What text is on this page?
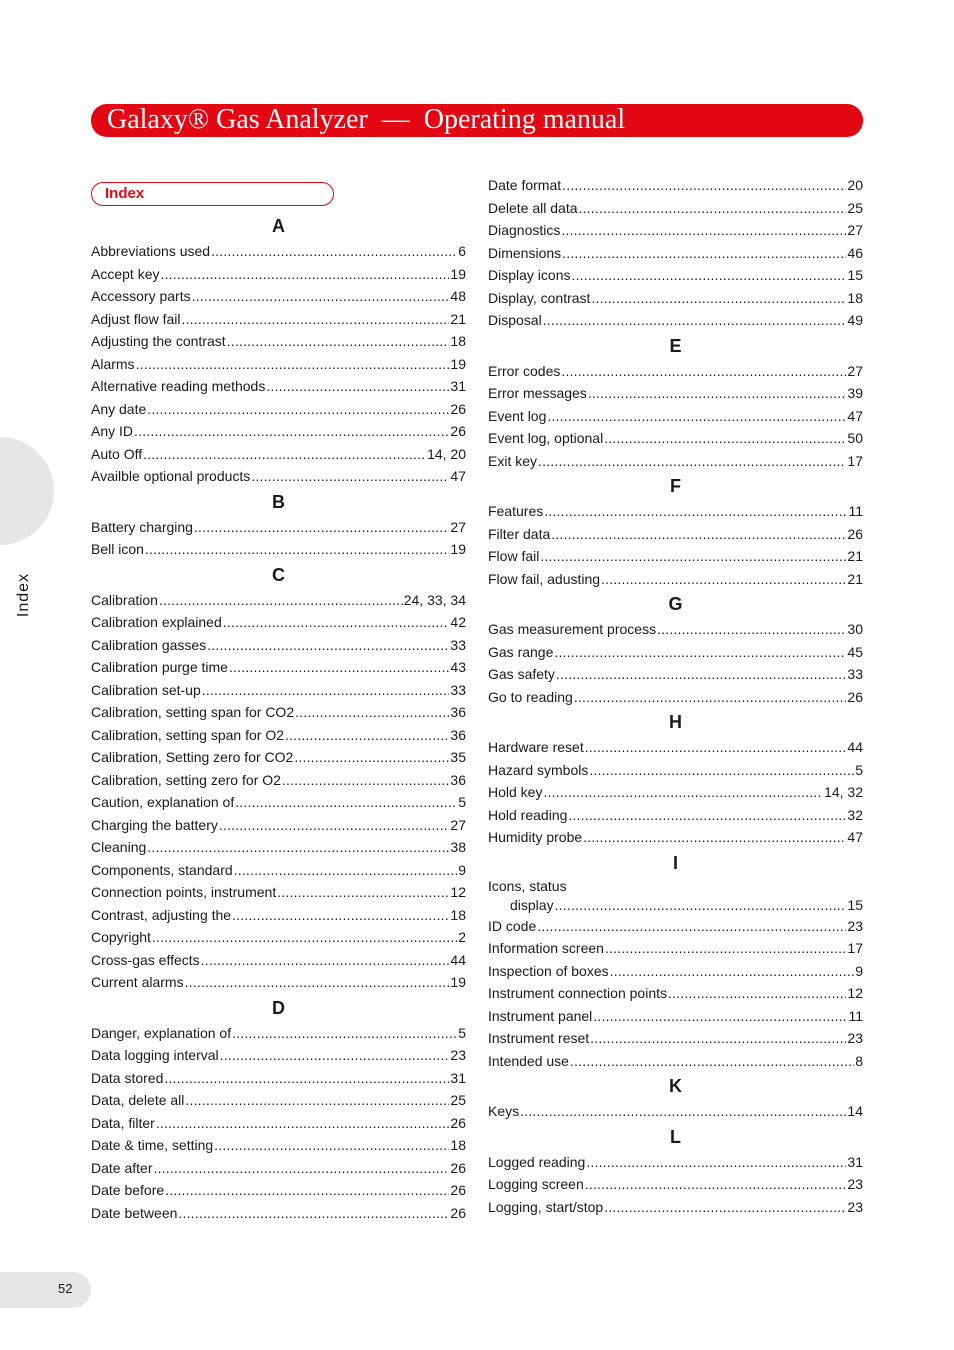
Galaxy® Gas Analyzer  —  Operating manual
Index
Index
A
Abbreviations used .....	6
Accept key .....	19
Accessory parts .....	48
Adjust flow fail .....	21
Adjusting the contrast .....	18
Alarms .....	19
Alternative reading methods .....	31
Any date .....	26
Any ID .....	26
Auto Off .....	14, 20
Availble optional products .....	47
B
Battery charging .....	27
Bell icon .....	19
C
Calibration .....	24, 33, 34
Calibration explained .....	42
Calibration gasses .....	33
Calibration purge time .....	43
Calibration set-up .....	33
Calibration, setting span for CO2 .....	36
Calibration, setting span for O2 .....	36
Calibration, Setting zero for CO2 .....	35
Calibration, setting zero for O2 .....	36
Caution, explanation of .....	5
Charging the battery .....	27
Cleaning .....	38
Components, standard .....	9
Connection points, instrument .....	12
Contrast, adjusting the .....	18
Copyright .....	2
Cross-gas effects .....	44
Current alarms .....	19
D
Danger, explanation of .....	5
Data logging interval .....	23
Data stored .....	31
Data, delete all .....	25
Data, filter .....	26
Date & time, setting .....	18
Date after .....	26
Date before .....	26
Date between .....	26
Date format .....	20
Delete all data .....	25
Diagnostics .....	27
Dimensions .....	46
Display icons .....	15
Display, contrast .....	18
Disposal .....	49
E
Error codes .....	27
Error messages .....	39
Event log .....	47
Event log, optional .....	50
Exit key .....	17
F
Features .....	11
Filter data .....	26
Flow fail .....	21
Flow fail, adusting .....	21
G
Gas measurement process .....	30
Gas range .....	45
Gas safety .....	33
Go to reading .....	26
H
Hardware reset .....	44
Hazard symbols .....	5
Hold key .....	14, 32
Hold reading .....	32
Humidity probe .....	47
I
Icons, status
display .....	15
ID code .....	23
Information screen .....	17
Inspection of boxes .....	9
Instrument connection points .....	12
Instrument panel .....	11
Instrument reset .....	23
Intended use .....	8
K
Keys .....	14
L
Logged reading .....	31
Logging screen .....	23
Logging, start/stop .....	23
52
